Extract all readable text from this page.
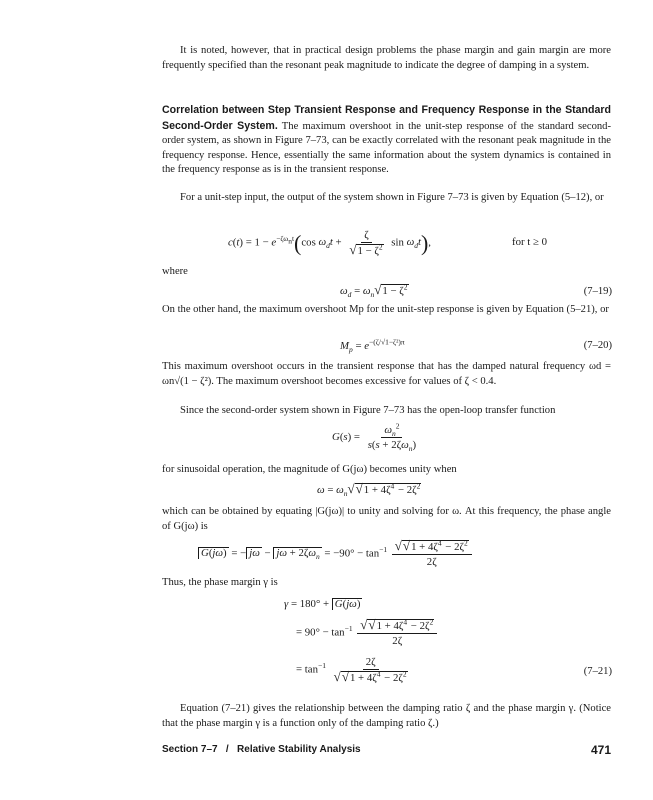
It is noted, however, that in practical design problems the phase margin and gain margin are more frequently specified than the resonant peak magnitude to indicate the degree of damping in a system.

Correlation between Step Transient Response and Frequency Response in the Standard Second-Order System. The maximum overshoot in the unit-step response of the standard second-order system, as shown in Figure 7–73, can be exactly correlated with the resonant peak magnitude in the frequency response. Hence, essentially the same information about the system dynamics is contained in the frequency response as is in the transient response.

For a unit-step input, the output of the system shown in Figure 7–73 is given by Equation (5–12), or

$c(t) = 1 - e^{-\zeta\omega_nt}(\cos$ $\omega_dt + \frac{\zeta}{√1 - \zeta^2}$ $\sin \omega_dt$),	for t ≥ 0
where
$\omega_d = \omega_n√1 - \zeta^2$	(7–19)

On the other hand, the maximum overshoot Mp for the unit-step response is given by Equation (5–21), or

$M_p = e^{-(\zeta/√1-\zeta^2)\pi}$	(7–20)

This maximum overshoot occurs in the transient response that has the damped natural frequency ωd = ωn√(1 − ζ²). The maximum overshoot becomes excessive for values of ζ < 0.4.

Since the second-order system shown in Figure 7–73 has the open-loop transfer function

$G(s) = \frac{\omega_n^2}{s(s + 2\zeta\omega_n)}$

for sinusoidal operation, the magnitude of G(jω) becomes unity when

$\omega = \omega_n√√1 + 4\zeta^4 - 2\zeta^2$

which can be obtained by equating |G(jω)| to unity and solving for ω. At this frequency, the phase angle of G(jω) is

G(jω) = − $j\omega - j\omega + 2\zeta\omega_n = -90^\circ - \tan^{-1} \frac{√√1 + 4\zeta^4 - 2\zeta^2}{2\zeta}$

Thus, the phase margin γ is

γ = 180° + G(jω)
= $90^\circ - \tan^{-1} \frac{√√1 + 4\zeta^4 - 2\zeta^2}{2\zeta}$
= $\tan^{-1} \frac{2\zeta}{√√1 + 4\zeta^4 - 2\zeta^2}$	(7–21)

Equation (7–21) gives the relationship between the damping ratio ζ and the phase margin γ. (Notice that the phase margin γ is a function only of the damping ratio ζ.)

Section 7–7   /   Relative Stability Analysis	471
